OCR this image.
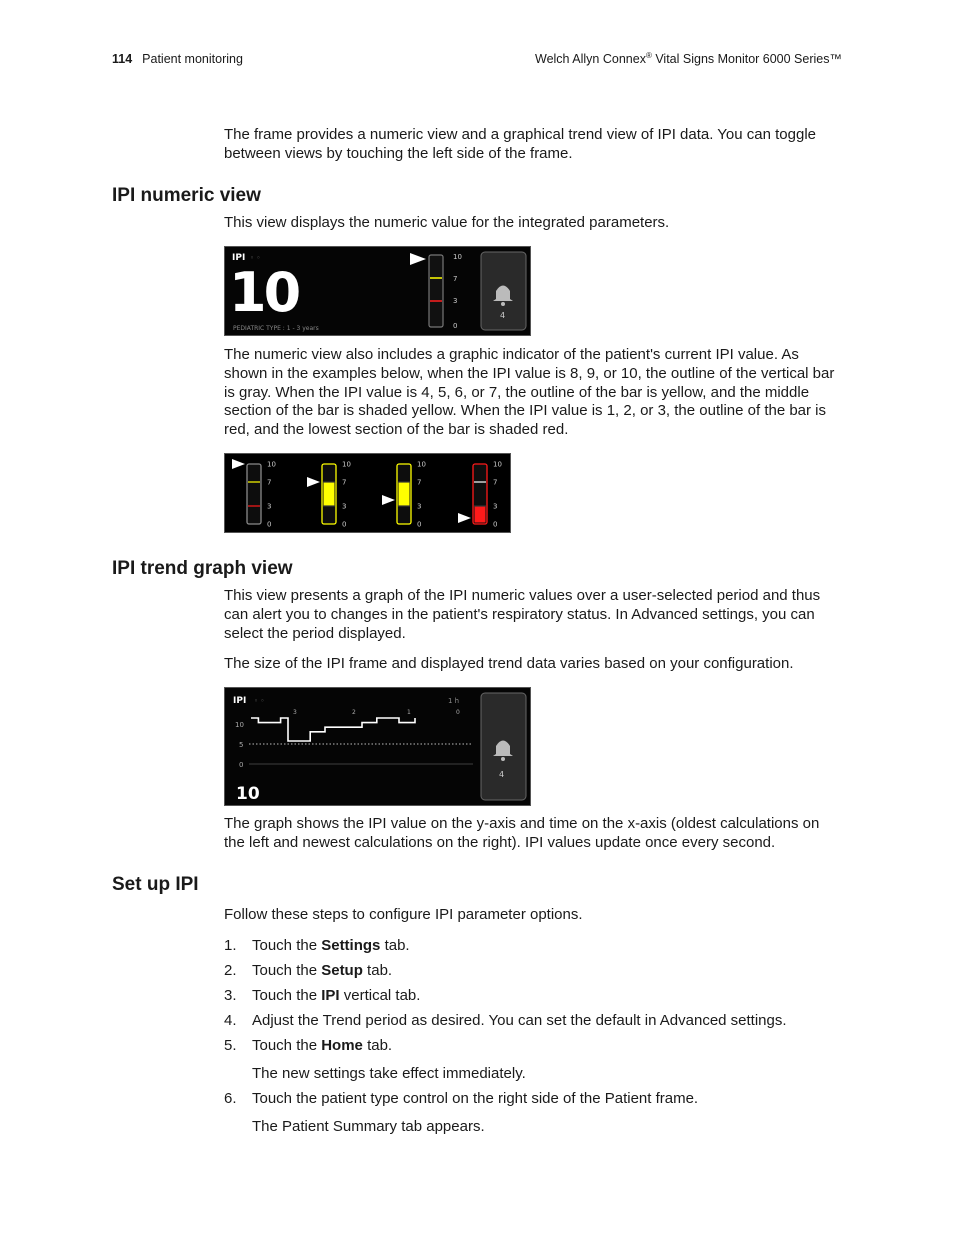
114 Patient monitoring	Welch Allyn Connex® Vital Signs Monitor 6000 Series™
The frame provides a numeric view and a graphical trend view of IPI data. You can toggle between views by touching the left side of the frame.
IPI numeric view
This view displays the numeric value for the integrated parameters.
IPI ◦ ◦
10
PEDIATRIC TYPE : 1 - 3 years
10
7
3
0
4
The numeric view also includes a graphic indicator of the patient's current IPI value. As shown in the examples below, when the IPI value is 8, 9, or 10, the outline of the vertical bar is gray. When the IPI value is 4, 5, 6, or 7, the outline of the bar is yellow, and the middle section of the bar is shaded yellow. When the IPI value is 1, 2, or 3, the outline of the bar is red, and the lowest section of the bar is shaded red.
10
7
3
0
10
7
3
0
10
7
3
0
10
7
3
0
IPI trend graph view
This view presents a graph of the IPI numeric values over a user-selected period and thus can alert you to changes in the patient's respiratory status. In Advanced settings, you can select the period displayed.
The size of the IPI frame and displayed trend data varies based on your configuration.
IPI ◦ ◦	1 h
10
5
0
10
4
3	2	1	0
The graph shows the IPI value on the y-axis and time on the x-axis (oldest calculations on the left and newest calculations on the right). IPI values update once every second.
Set up IPI
Follow these steps to configure IPI parameter options.
1. Touch the Settings tab.
2. Touch the Setup tab.
3. Touch the IPI vertical tab.
4. Adjust the Trend period as desired. You can set the default in Advanced settings.
5. Touch the Home tab.
6. Touch the patient type control on the right side of the Patient frame.
The new settings take effect immediately.
The Patient Summary tab appears.
